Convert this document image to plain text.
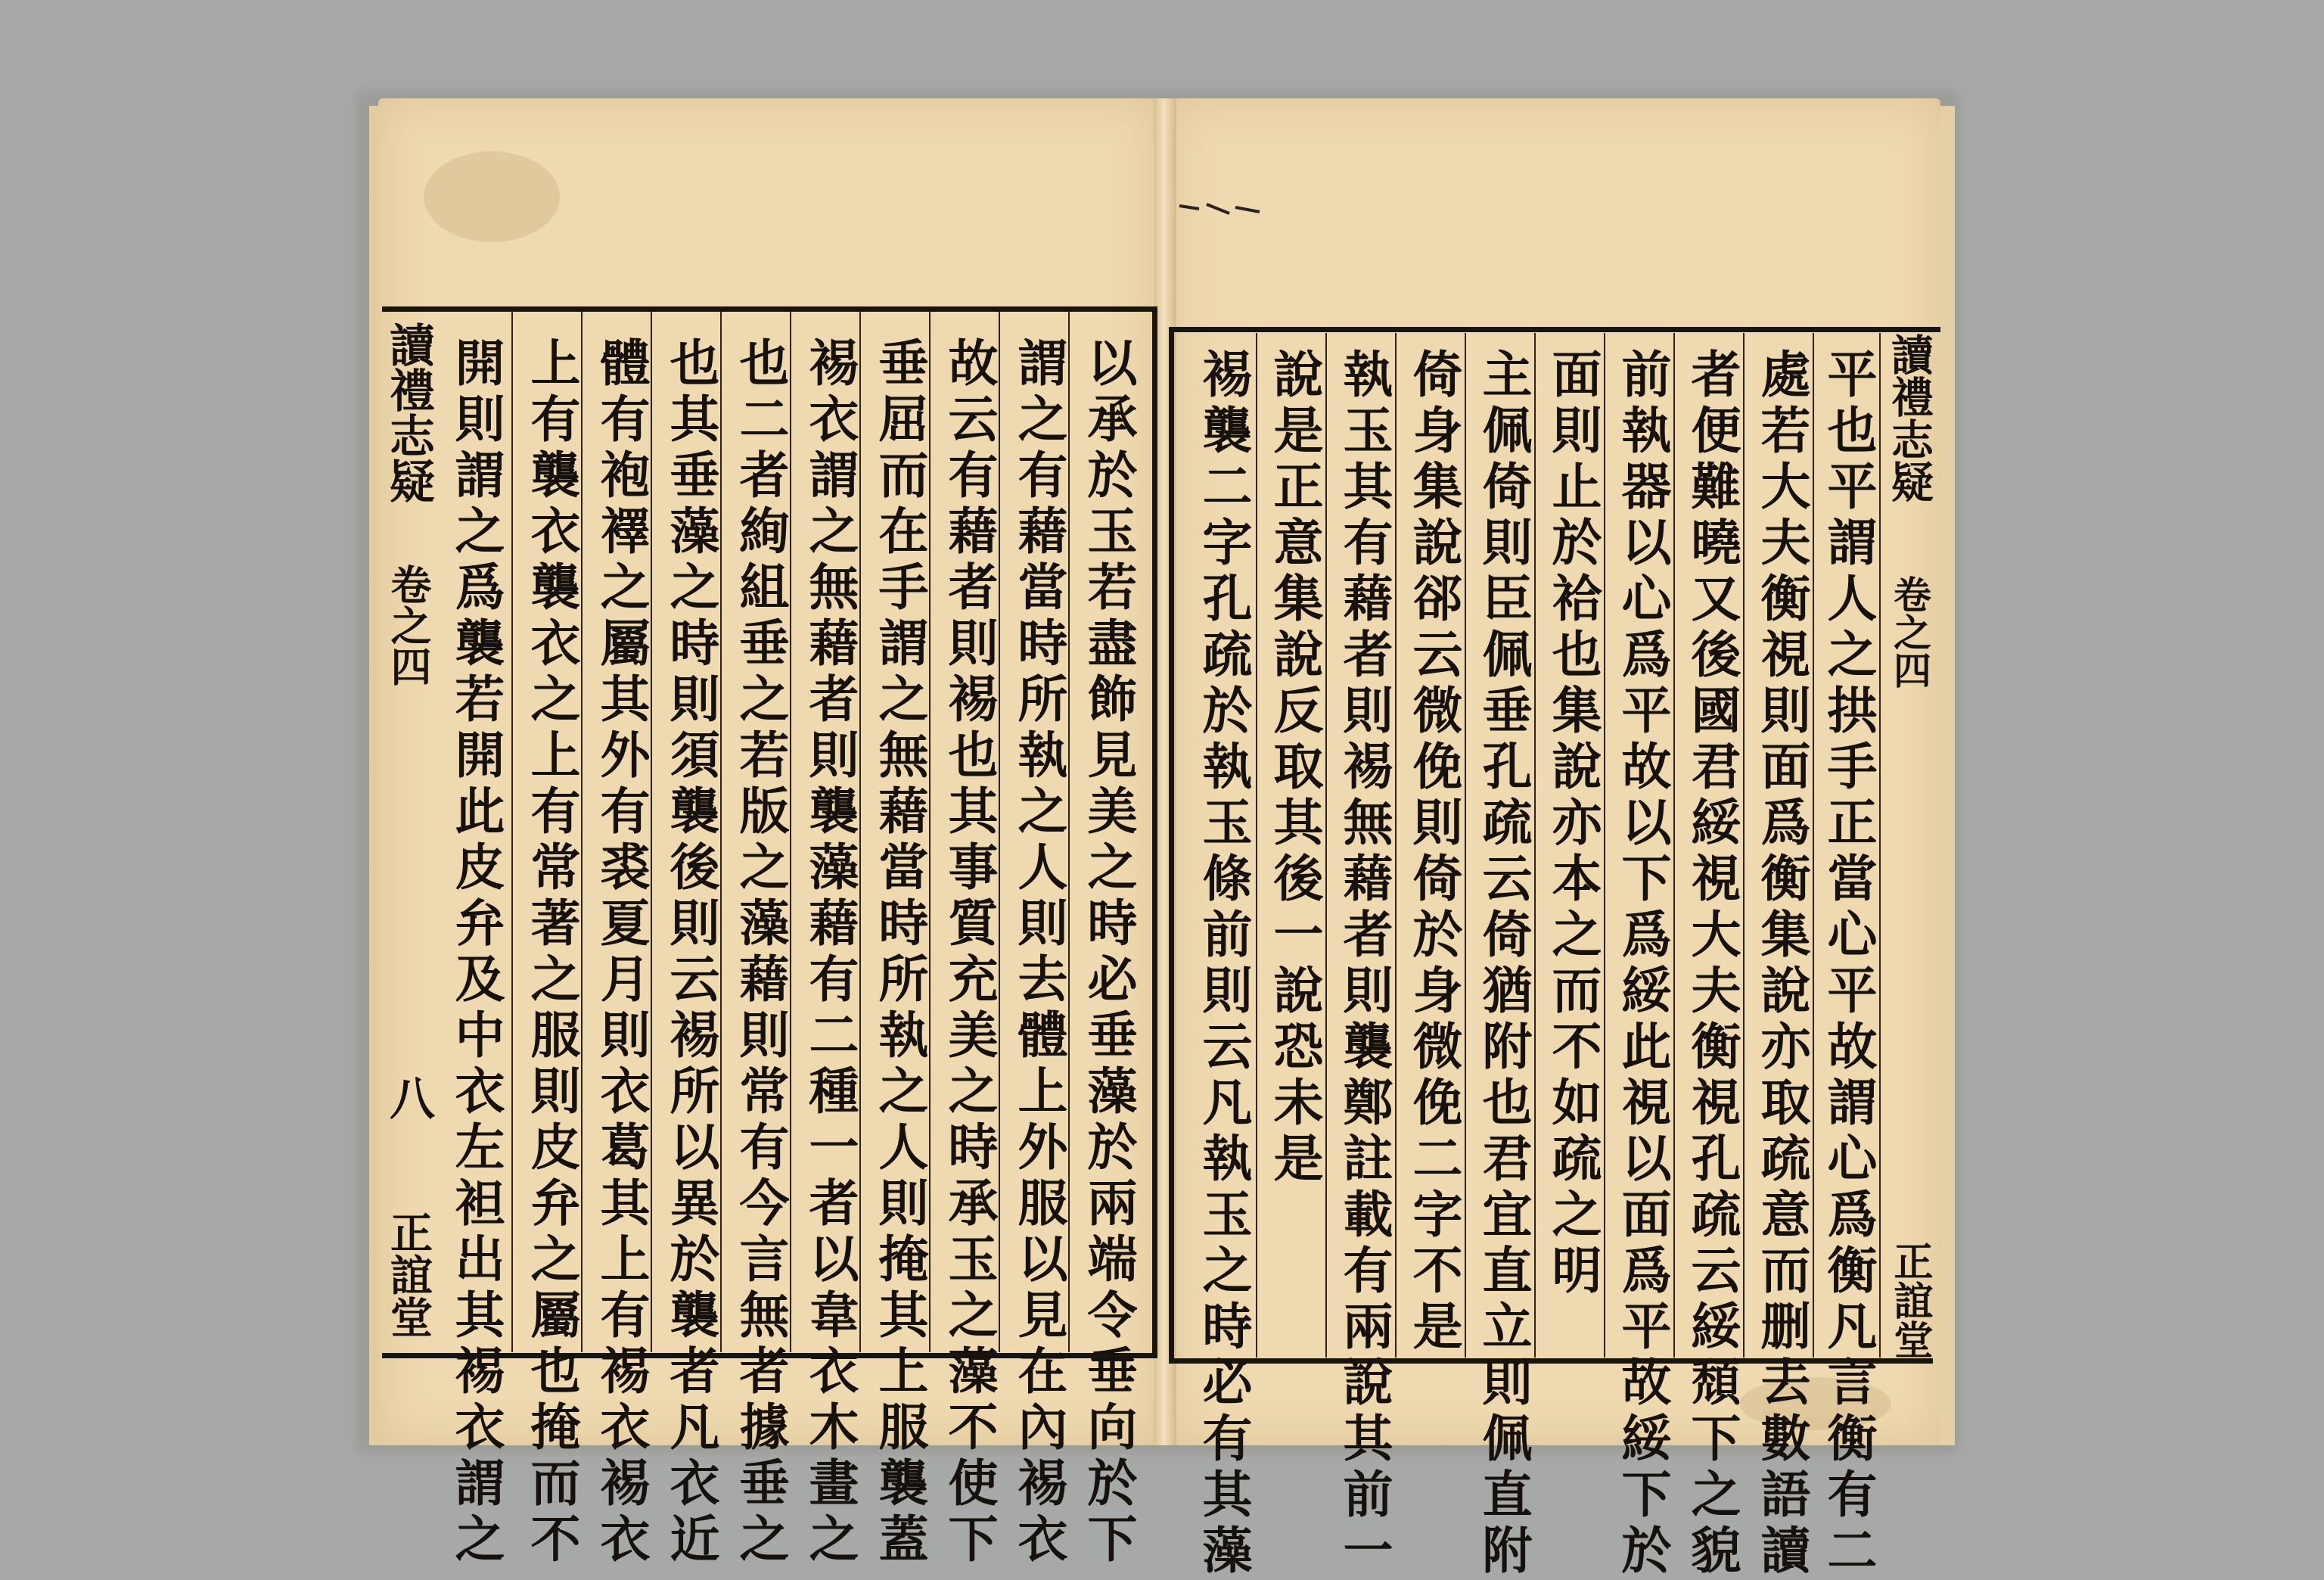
讀禮志疑
卷之四
八
正誼堂	以承於玉若盡飾見美之時必垂藻於兩端令垂向於下
謂之有藉當時所執之人則去體上外服以見在內裼衣
故云有藉者則裼也其事質充美之時承玉之藻不使下
垂屈而在手謂之無藉當時所執之人則掩其上服襲蓋
裼衣謂之無藉者則襲藻藉有二種一者以韋衣木畫之
也二者絢組垂之若版之藻藉則常有今言無者據垂之
也其垂藻之時則須襲後則云裼所以異於襲者凡衣近
體有袍襗之屬其外有裘夏月則衣葛其上有裼衣裼衣
上有襲衣襲衣之上有常著之服則皮弁之屬也掩而不
開則謂之爲襲若開此皮弁及中衣左袒出其裼衣謂之	讀禮志疑
卷之四
正誼堂
平也平謂人之拱手正當心平故謂心爲衡凡言衡有二
處若大夫衡視則面爲衡集說亦取疏意而删去數語讀
者便難曉又後國君綏視大夫衡視孔疏云綏頹下之貌
前執器以心爲平故以下爲綏此視以面爲平故綏下於
面則止於袷也集說亦本之而不如疏之明
主佩倚則臣佩垂孔疏云倚猶附也君宜直立則佩直附
倚身集說郤云微俛則倚於身微俛二字不是
執玉其有藉者則裼無藉者則襲鄭註載有兩說其前一
說是正意集說反取其後一說恐未是
裼襲二字孔疏於執玉條前則云凡執玉之時必有其藻
